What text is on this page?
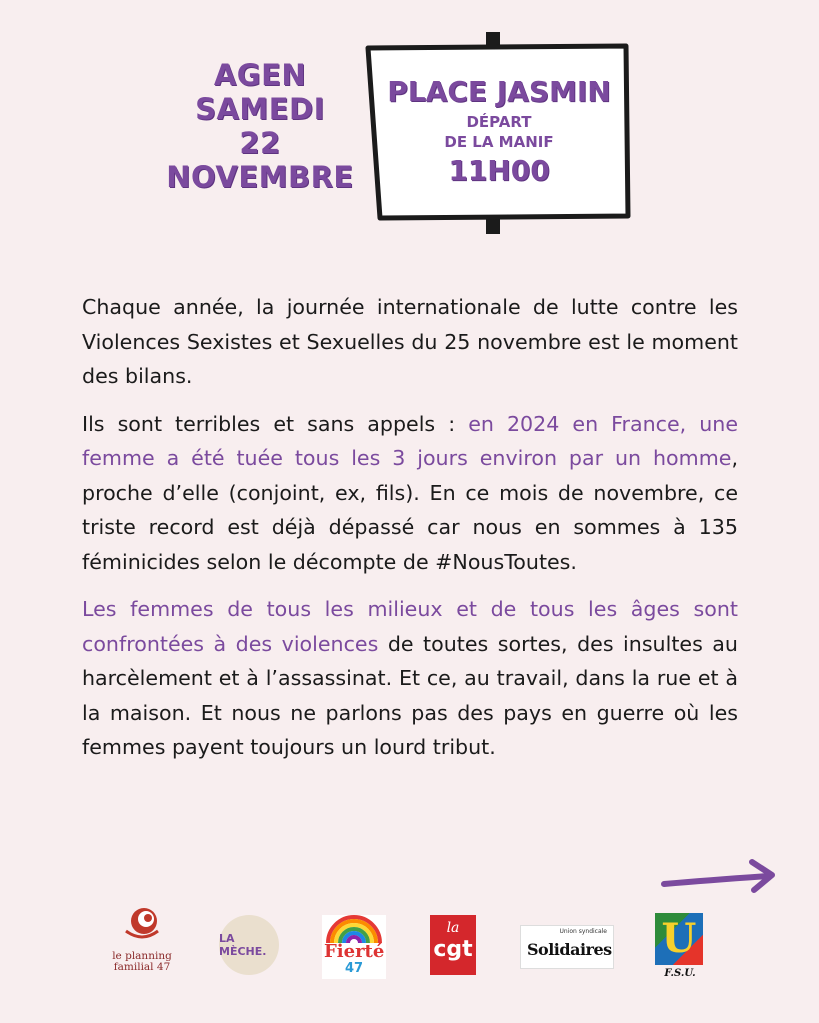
AGEN
SAMEDI
22
NOVEMBRE
PLACE JASMIN
DÉPART
DE LA MANIF
11H00

Chaque année, la journée internationale de lutte contre les Violences Sexistes et Sexuelles du 25 novembre est le moment des bilans.

Ils sont terribles et sans appels : en 2024 en France, une femme a été tuée tous les 3 jours environ par un homme, proche d’elle (conjoint, ex, fils). En ce mois de novembre, ce triste record est déjà dépassé car nous en sommes à 135 féminicides selon le décompte de #NousToutes.

Les femmes de tous les milieux et de tous les âges sont confrontées à des violences de toutes sortes, des insultes au harcèlement et à l’assassinat. Et ce, au travail, dans la rue et à la maison. Et nous ne parlons pas des pays en guerre où les femmes payent toujours un lourd tribut.

le planning
familial 47
LA MÈCHE.	Fierté
47
la
cgt
Union syndicale
Solidaires U
F.S.U.
